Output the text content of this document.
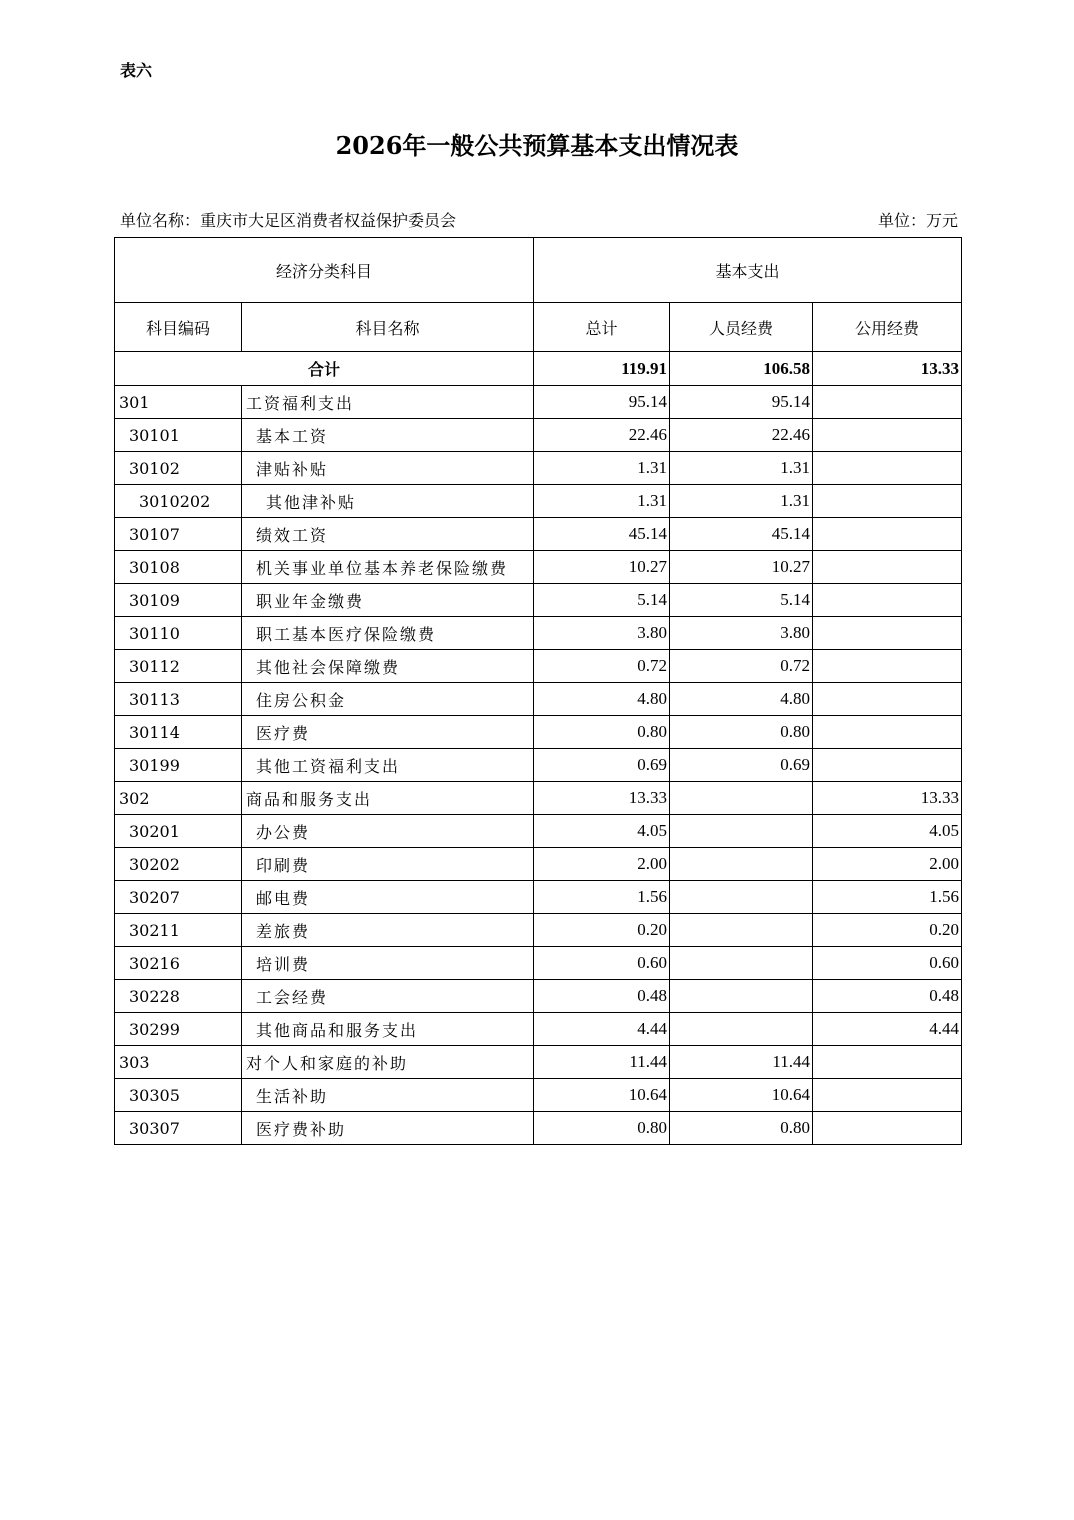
表六
2026年一般公共预算基本支出情况表
单位名称：重庆市大足区消费者权益保护委员会	单位：万元
经济分类科目		基本支出		
科目编码	科目名称	总计	人员经费	公用经费
合计		119.91	106.58	13.33
301	工资福利支出	95.14	95.14	
30101	基本工资	22.46	22.46	
30102	津贴补贴	1.31	1.31	
3010202	其他津补贴	1.31	1.31	
30107	绩效工资	45.14	45.14	
30108	机关事业单位基本养老保险缴费	10.27	10.27	
30109	职业年金缴费	5.14	5.14	
30110	职工基本医疗保险缴费	3.80	3.80	
30112	其他社会保障缴费	0.72	0.72	
30113	住房公积金	4.80	4.80	
30114	医疗费	0.80	0.80	
30199	其他工资福利支出	0.69	0.69	
302	商品和服务支出	13.33		13.33
30201	办公费	4.05		4.05
30202	印刷费	2.00		2.00
30207	邮电费	1.56		1.56
30211	差旅费	0.20		0.20
30216	培训费	0.60		0.60
30228	工会经费	0.48		0.48
30299	其他商品和服务支出	4.44		4.44
303	对个人和家庭的补助	11.44	11.44	
30305	生活补助	10.64	10.64	
30307	医疗费补助	0.80	0.80	
